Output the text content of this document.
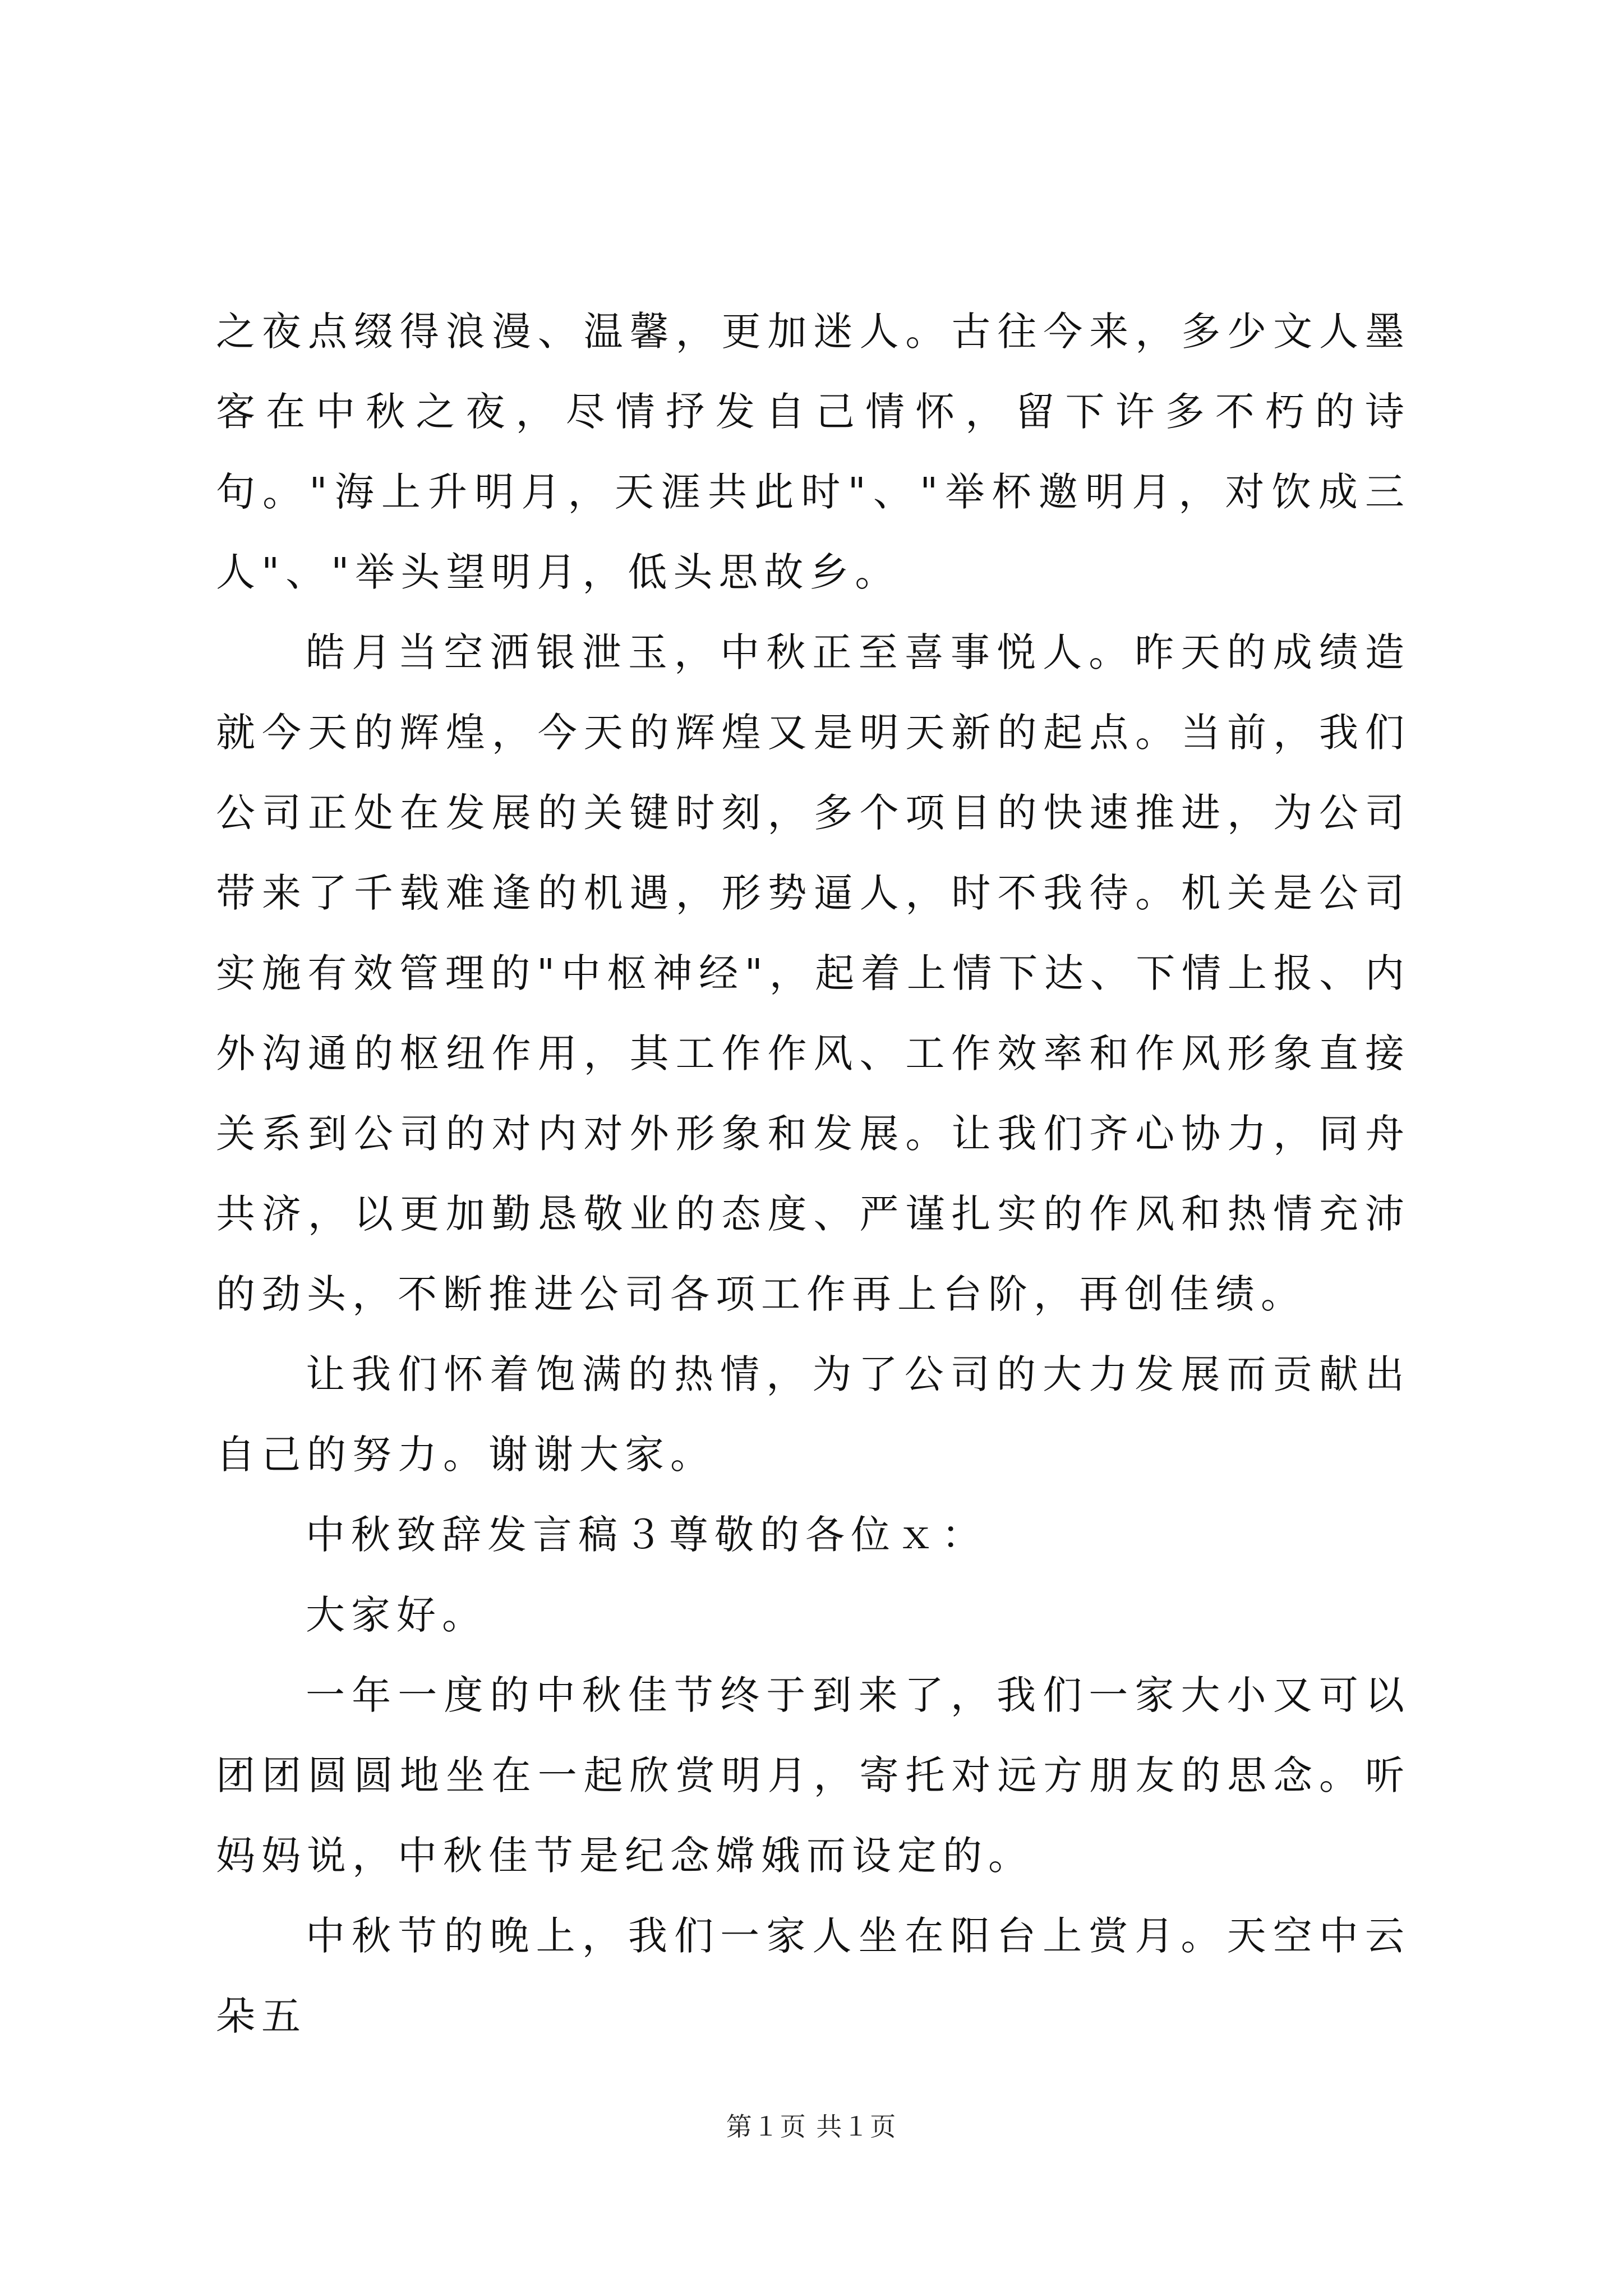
之夜点缀得浪漫、温馨，更加迷人。古往今来，多少文人墨客在中秋之夜，尽情抒发自己情怀，留下许多不朽的诗句。"海上升明月，天涯共此时"、"举杯邀明月，对饮成三人"、"举头望明月，低头思故乡。

皓月当空洒银泄玉，中秋正至喜事悦人。昨天的成绩造就今天的辉煌，今天的辉煌又是明天新的起点。当前，我们公司正处在发展的关键时刻，多个项目的快速推进，为公司带来了千载难逢的机遇，形势逼人，时不我待。机关是公司实施有效管理的"中枢神经"，起着上情下达、下情上报、内外沟通的枢纽作用，其工作作风、工作效率和作风形象直接关系到公司的对内对外形象和发展。让我们齐心协力，同舟共济，以更加勤恳敬业的态度、严谨扎实的作风和热情充沛的劲头，不断推进公司各项工作再上台阶，再创佳绩。

让我们怀着饱满的热情，为了公司的大力发展而贡献出自己的努力。谢谢大家。

中秋致辞发言稿３尊敬的各位ｘ：

大家好。

一年一度的中秋佳节终于到来了，我们一家大小又可以团团圆圆地坐在一起欣赏明月，寄托对远方朋友的思念。听妈妈说，中秋佳节是纪念嫦娥而设定的。

中秋节的晚上，我们一家人坐在阳台上赏月。天空中云朵五

第１页 共１页
